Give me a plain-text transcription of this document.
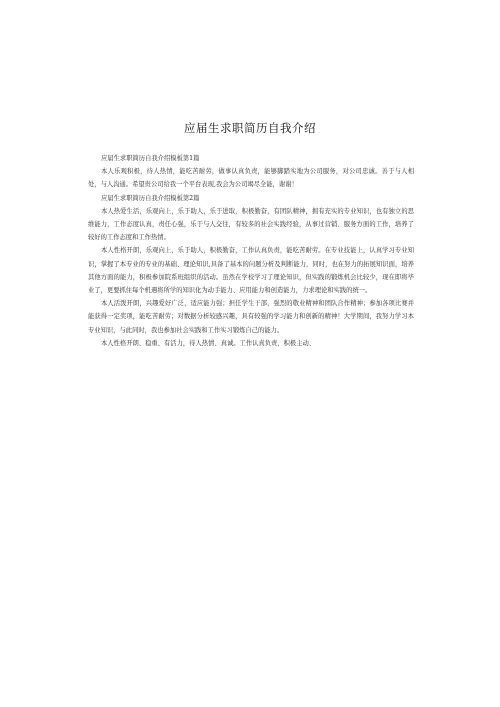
应届生求职简历自我介绍

应届生求职简历自我介绍模板第1篇

本人乐观积极，待人热情，能吃苦耐劳，做事认真负责，能够脚踏实地为公司服务，对公司忠诚。善于与人相处，与人沟通。希望贵公司给我一个平台表现,我会为公司竭尽全能，谢谢！

应届生求职简历自我介绍模板第2篇

本人热爱生活，乐观向上，乐于助人，乐于进取，积极勤奋，有团队精神，拥有充实的专业知识，也有独立的思维能力，工作态度认真，责任心强，乐于与人交往，有较多的社会实践经验，从事过营销、服务方面的工作，培养了较好的工作态度和工作热情。

本人性格开朗，乐观向上，乐于助人，积极勤奋，工作认真负责，能吃苦耐劳。在专业技能上，认真学习专业知识，掌握了本专业的专业的基础、理论知识,具备了基本的问题分析及判断能力，同时，也在努力的拓展知识面，培养其他方面的能力，积极参加院系班组织的活动。虽然在学校学习了理论知识，但实践的锻炼机会比较少，现在即将毕业了，更要抓住每个机遇将所学的知识化为动手能力、应用能力和创造能力，力求理论和实践的统一。

本人活泼开朗，兴趣爱好广泛，适应能力强；担任学生干部，强烈的敬业精神和团队合作精神；参加各项比赛并能获得一定奖项，能吃苦耐劳；对数据分析较感兴趣，具有较强的学习能力和创新的精神！大学期间，我努力学习本专业知识，与此同时，我也参加社会实践和工作实习锻炼自己的能力。

本人性格开朗、稳重、有活力，待人热情、真诚。工作认真负责，积极主动、
